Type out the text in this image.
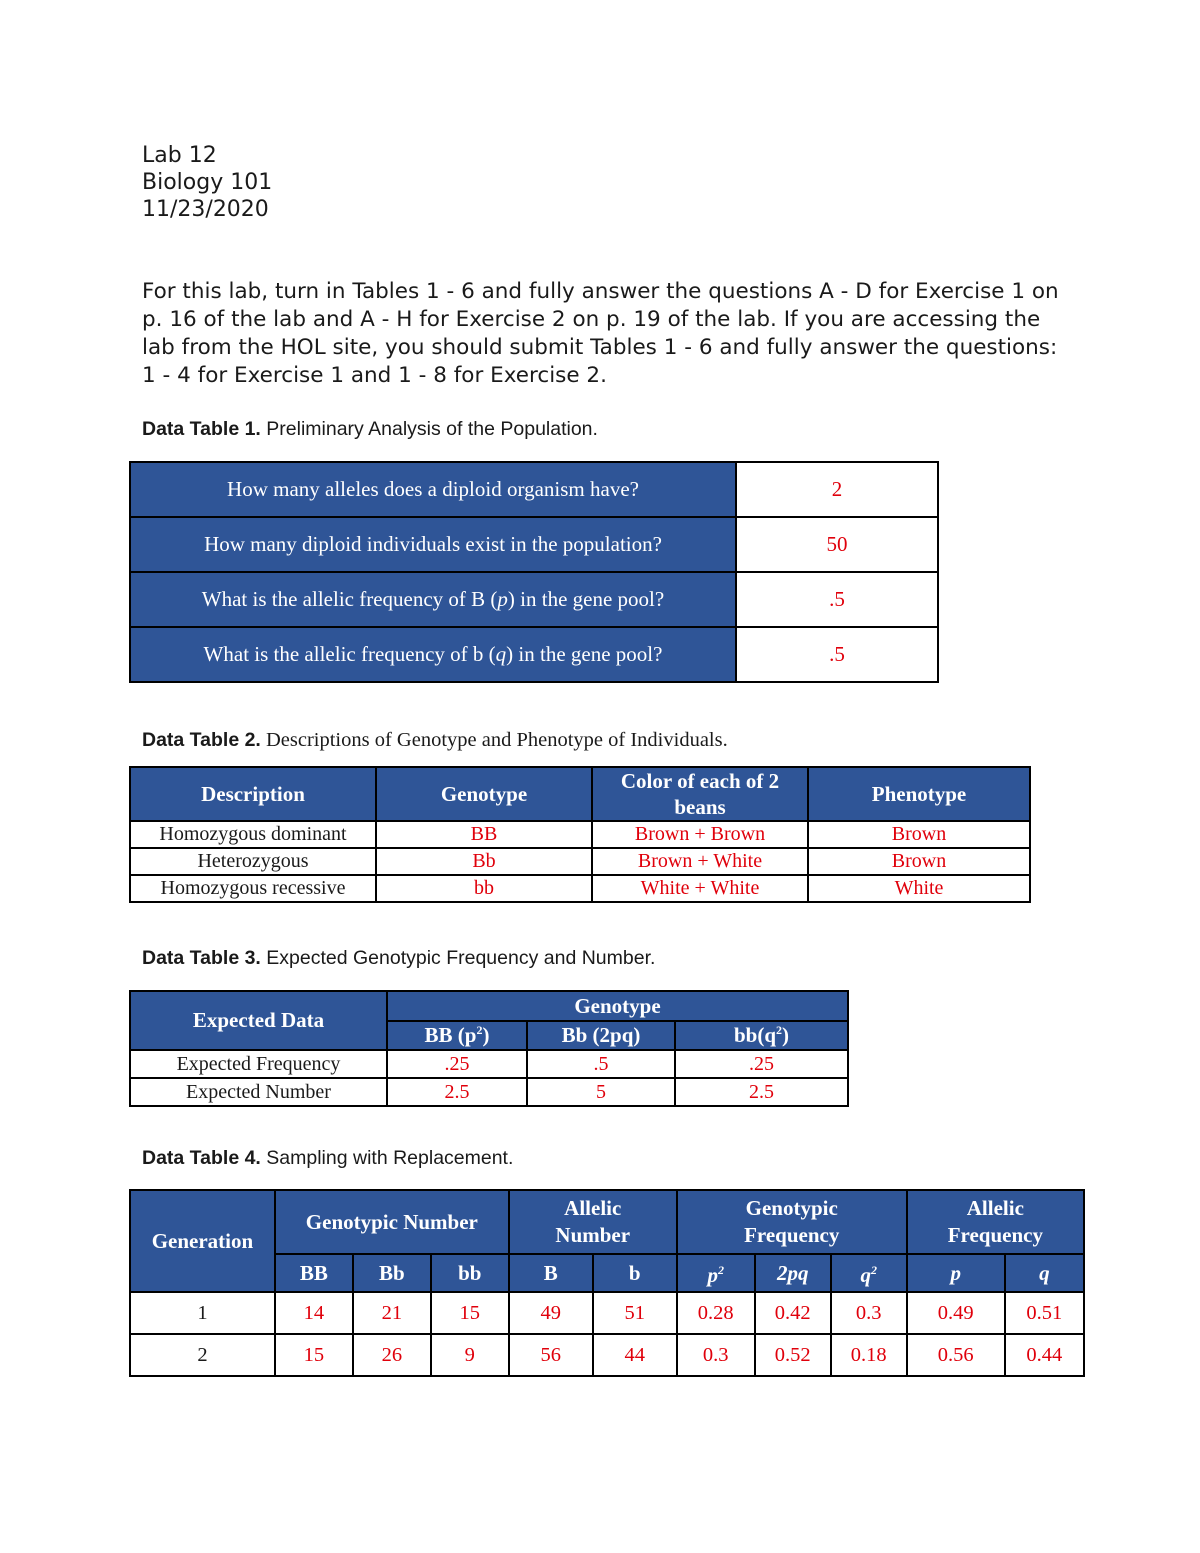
Lab 12
Biology 101
11/23/2020
For this lab, turn in Tables 1 - 6 and fully answer the questions A - D for Exercise 1 on p. 16 of the lab and A - H for Exercise 2 on p. 19 of the lab. If you are accessing the lab from the HOL site, you should submit Tables 1 - 6 and fully answer the questions: 1 - 4 for Exercise 1 and 1 - 8 for Exercise 2.
Data Table 1. Preliminary Analysis of the Population.
How many alleles does a diploid organism have?	2
How many diploid individuals exist in the population?	50
What is the allelic frequency of B (p) in the gene pool?	.5
What is the allelic frequency of b (q) in the gene pool?	.5
Data Table 2. Descriptions of Genotype and Phenotype of Individuals.
Description	Genotype	Color of each of 2 beans	Phenotype
Homozygous dominant	BB	Brown + Brown	Brown
Heterozygous	Bb	Brown + White	Brown
Homozygous recessive	bb	White + White	White
Data Table 3. Expected Genotypic Frequency and Number.
Expected Data	Genotype		
	BB $(p^2)$	Bb (2pq)	$bb(q^2)$
Expected Frequency	.25	.5	.25
Expected Number	2.5	5	2.5
Data Table 4. Sampling with Replacement.
Generation	Genotypic Number			Allelic Number		Genotypic Frequency			Allelic Frequency	
	BB	Bb	bb	B	b	$p^2$	2pq	$q^2$	p	q
1	14	21	15	49	51	0.28	0.42	0.3	0.49	0.51
2	15	26	9	56	44	0.3	0.52	0.18	0.56	0.44
